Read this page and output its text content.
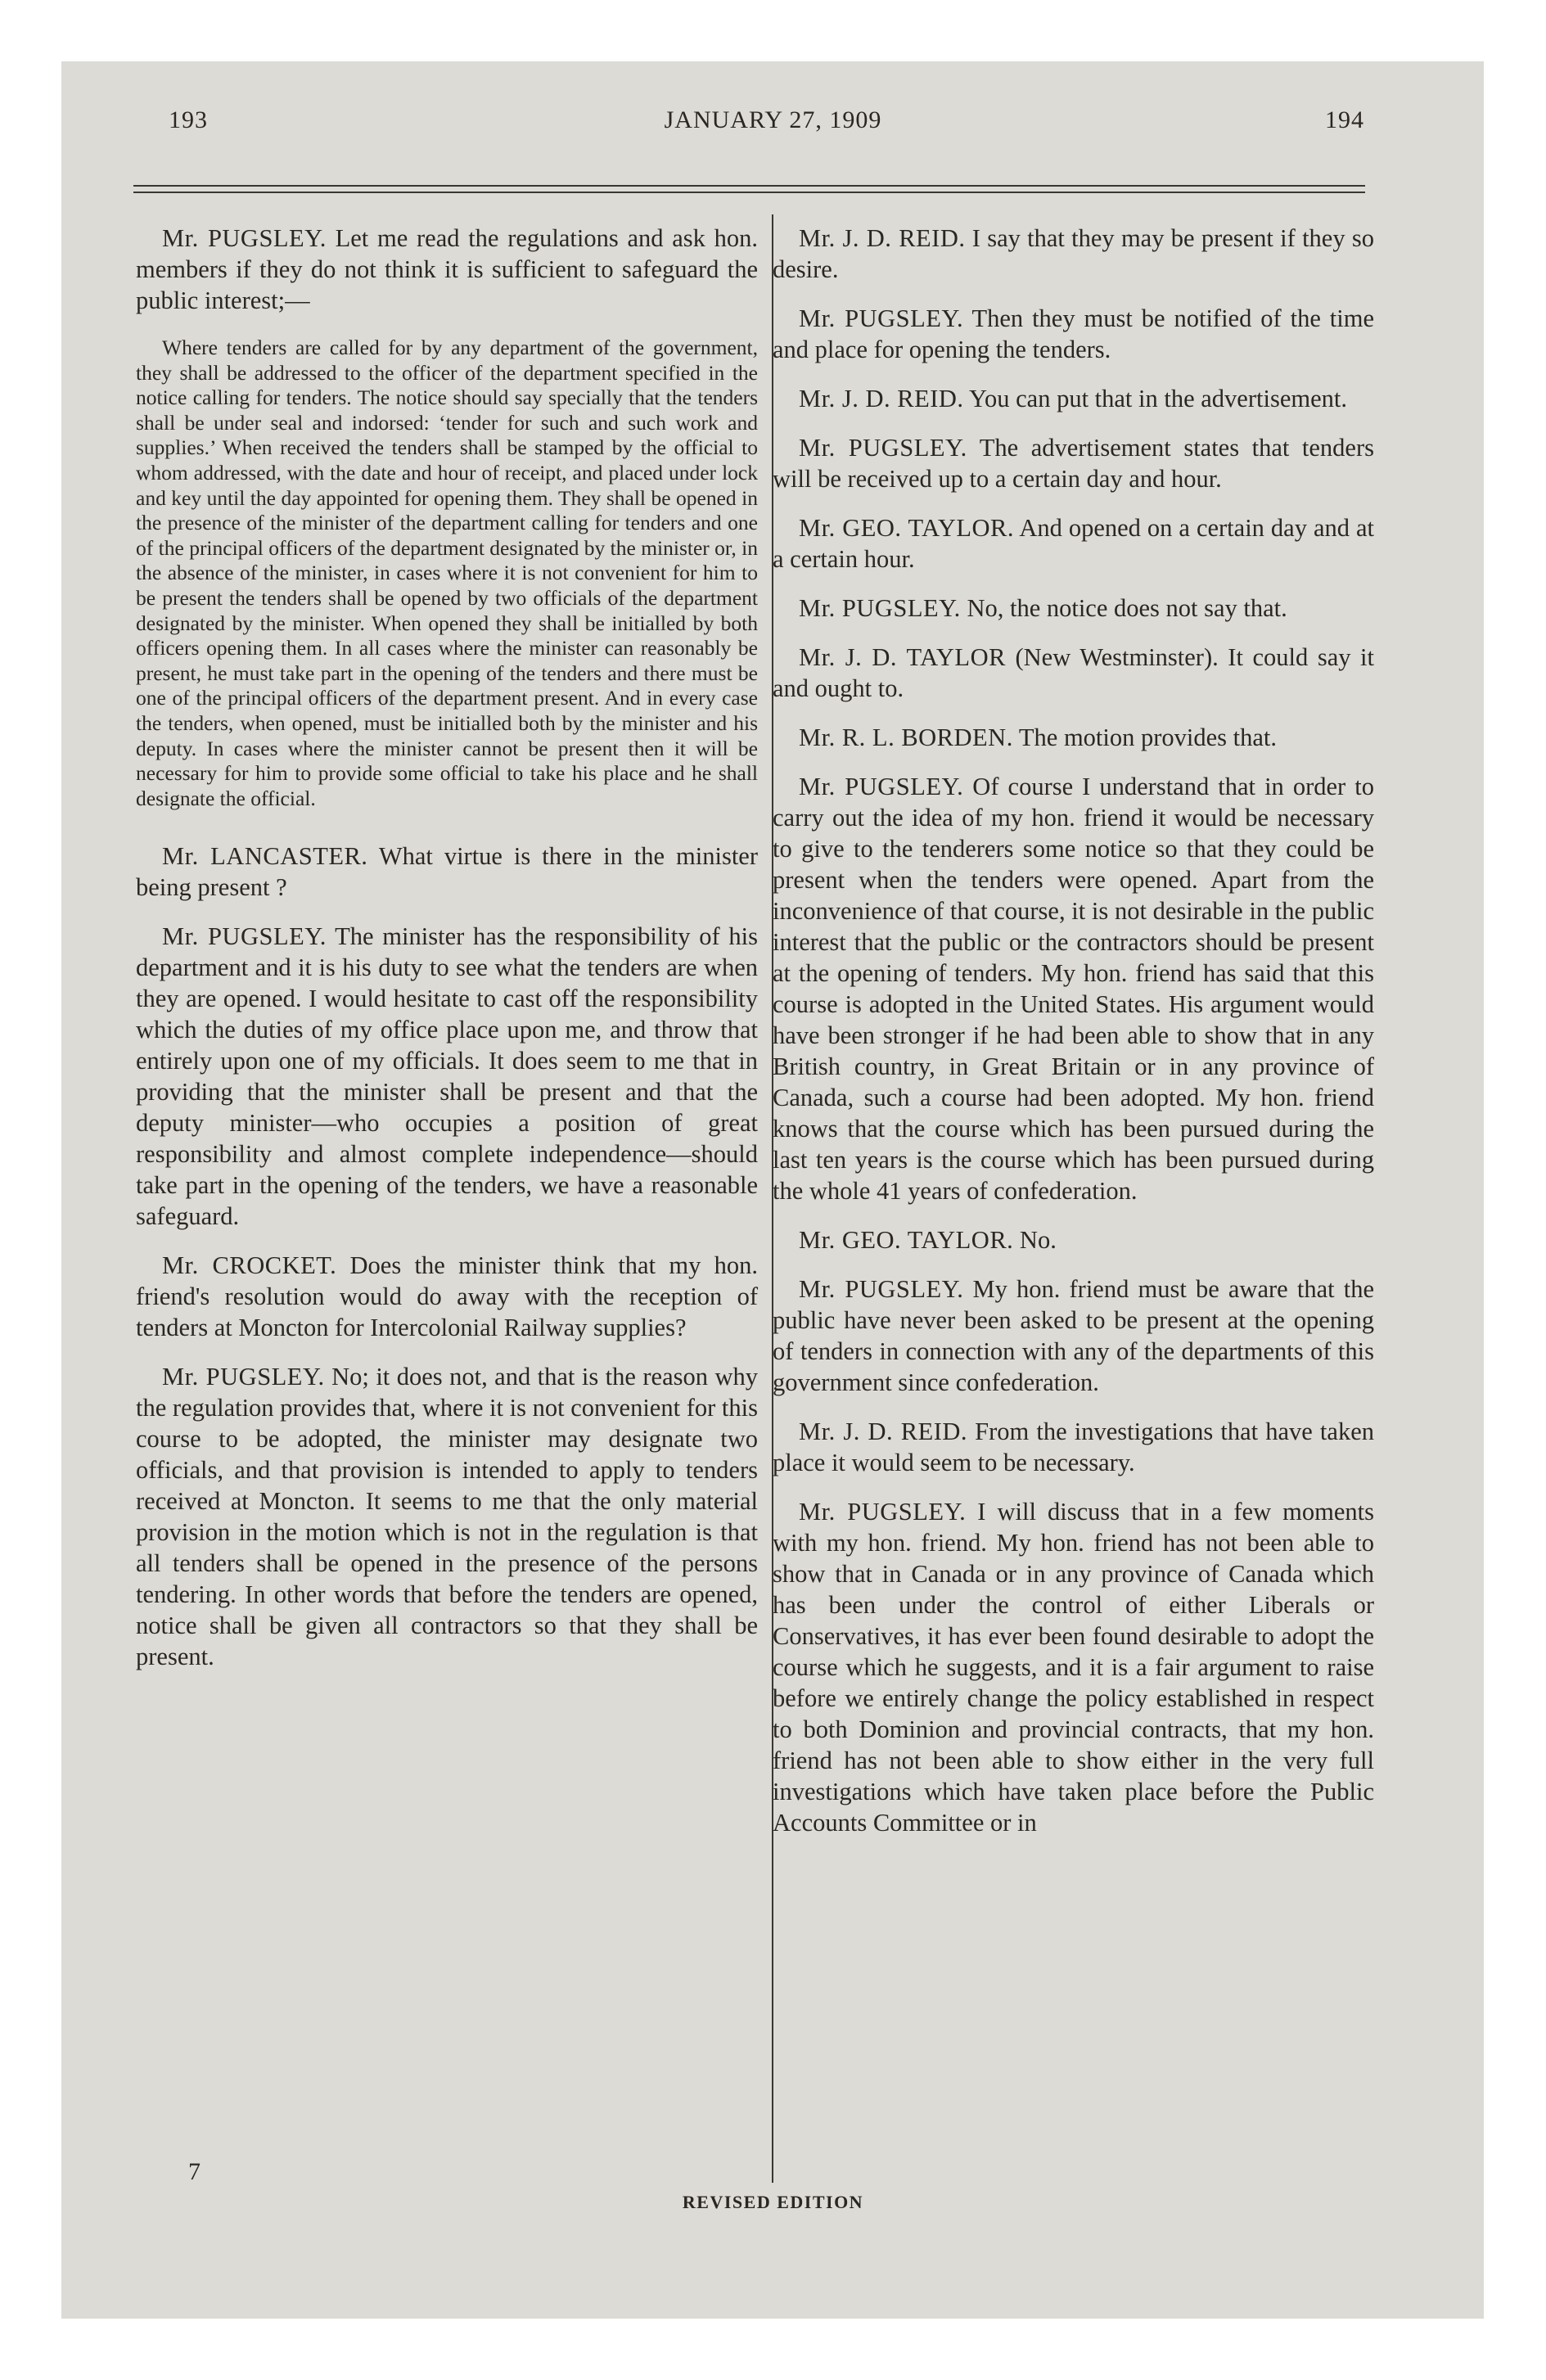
193	JANUARY 27, 1909	194

Mr. PUGSLEY. Let me read the regulations and ask hon. members if they do not think it is sufficient to safeguard the public interest;—

Where tenders are called for by any department of the government, they shall be addressed to the officer of the department specified in the notice calling for tenders. The notice should say specially that the tenders shall be under seal and indorsed: ‘tender for such and such work and supplies.’ When received the tenders shall be stamped by the official to whom addressed, with the date and hour of receipt, and placed under lock and key until the day appointed for opening them. They shall be opened in the presence of the minister of the department calling for tenders and one of the principal officers of the department designated by the minister or, in the absence of the minister, in cases where it is not convenient for him to be present the tenders shall be opened by two officials of the department designated by the minister. When opened they shall be initialled by both officers opening them. In all cases where the minister can reasonably be present, he must take part in the opening of the tenders and there must be one of the principal officers of the department present. And in every case the tenders, when opened, must be initialled both by the minister and his deputy. In cases where the minister cannot be present then it will be necessary for him to provide some official to take his place and he shall designate the official.

Mr. LANCASTER. What virtue is there in the minister being present ?

Mr. PUGSLEY. The minister has the responsibility of his department and it is his duty to see what the tenders are when they are opened. I would hesitate to cast off the responsibility which the duties of my office place upon me, and throw that entirely upon one of my officials. It does seem to me that in providing that the minister shall be present and that the deputy minister—who occupies a position of great responsibility and almost complete independence—should take part in the opening of the tenders, we have a reasonable safeguard.

Mr. CROCKET. Does the minister think that my hon. friend's resolution would do away with the reception of tenders at Moncton for Intercolonial Railway supplies?

Mr. PUGSLEY. No; it does not, and that is the reason why the regulation provides that, where it is not convenient for this course to be adopted, the minister may designate two officials, and that provision is intended to apply to tenders received at Moncton. It seems to me that the only material provision in the motion which is not in the regulation is that all tenders shall be opened in the presence of the persons tendering. In other words that before the tenders are opened, notice shall be given all contractors so that they shall be present.

Mr. J. D. REID. I say that they may be present if they so desire.

Mr. PUGSLEY. Then they must be notified of the time and place for opening the tenders.

Mr. J. D. REID. You can put that in the advertisement.

Mr. PUGSLEY. The advertisement states that tenders will be received up to a certain day and hour.

Mr. GEO. TAYLOR. And opened on a certain day and at a certain hour.

Mr. PUGSLEY. No, the notice does not say that.

Mr. J. D. TAYLOR (New Westminster). It could say it and ought to.

Mr. R. L. BORDEN. The motion provides that.

Mr. PUGSLEY. Of course I understand that in order to carry out the idea of my hon. friend it would be necessary to give to the tenderers some notice so that they could be present when the tenders were opened. Apart from the inconvenience of that course, it is not desirable in the public interest that the public or the contractors should be present at the opening of tenders. My hon. friend has said that this course is adopted in the United States. His argument would have been stronger if he had been able to show that in any British country, in Great Britain or in any province of Canada, such a course had been adopted. My hon. friend knows that the course which has been pursued during the last ten years is the course which has been pursued during the whole 41 years of confederation.

Mr. GEO. TAYLOR. No.

Mr. PUGSLEY. My hon. friend must be aware that the public have never been asked to be present at the opening of tenders in connection with any of the departments of this government since confederation.

Mr. J. D. REID. From the investigations that have taken place it would seem to be necessary.

Mr. PUGSLEY. I will discuss that in a few moments with my hon. friend. My hon. friend has not been able to show that in Canada or in any province of Canada which has been under the control of either Liberals or Conservatives, it has ever been found desirable to adopt the course which he suggests, and it is a fair argument to raise before we entirely change the policy established in respect to both Dominion and provincial contracts, that my hon. friend has not been able to show either in the very full investigations which have taken place before the Public Accounts Committee or in

7
REVISED EDITION
